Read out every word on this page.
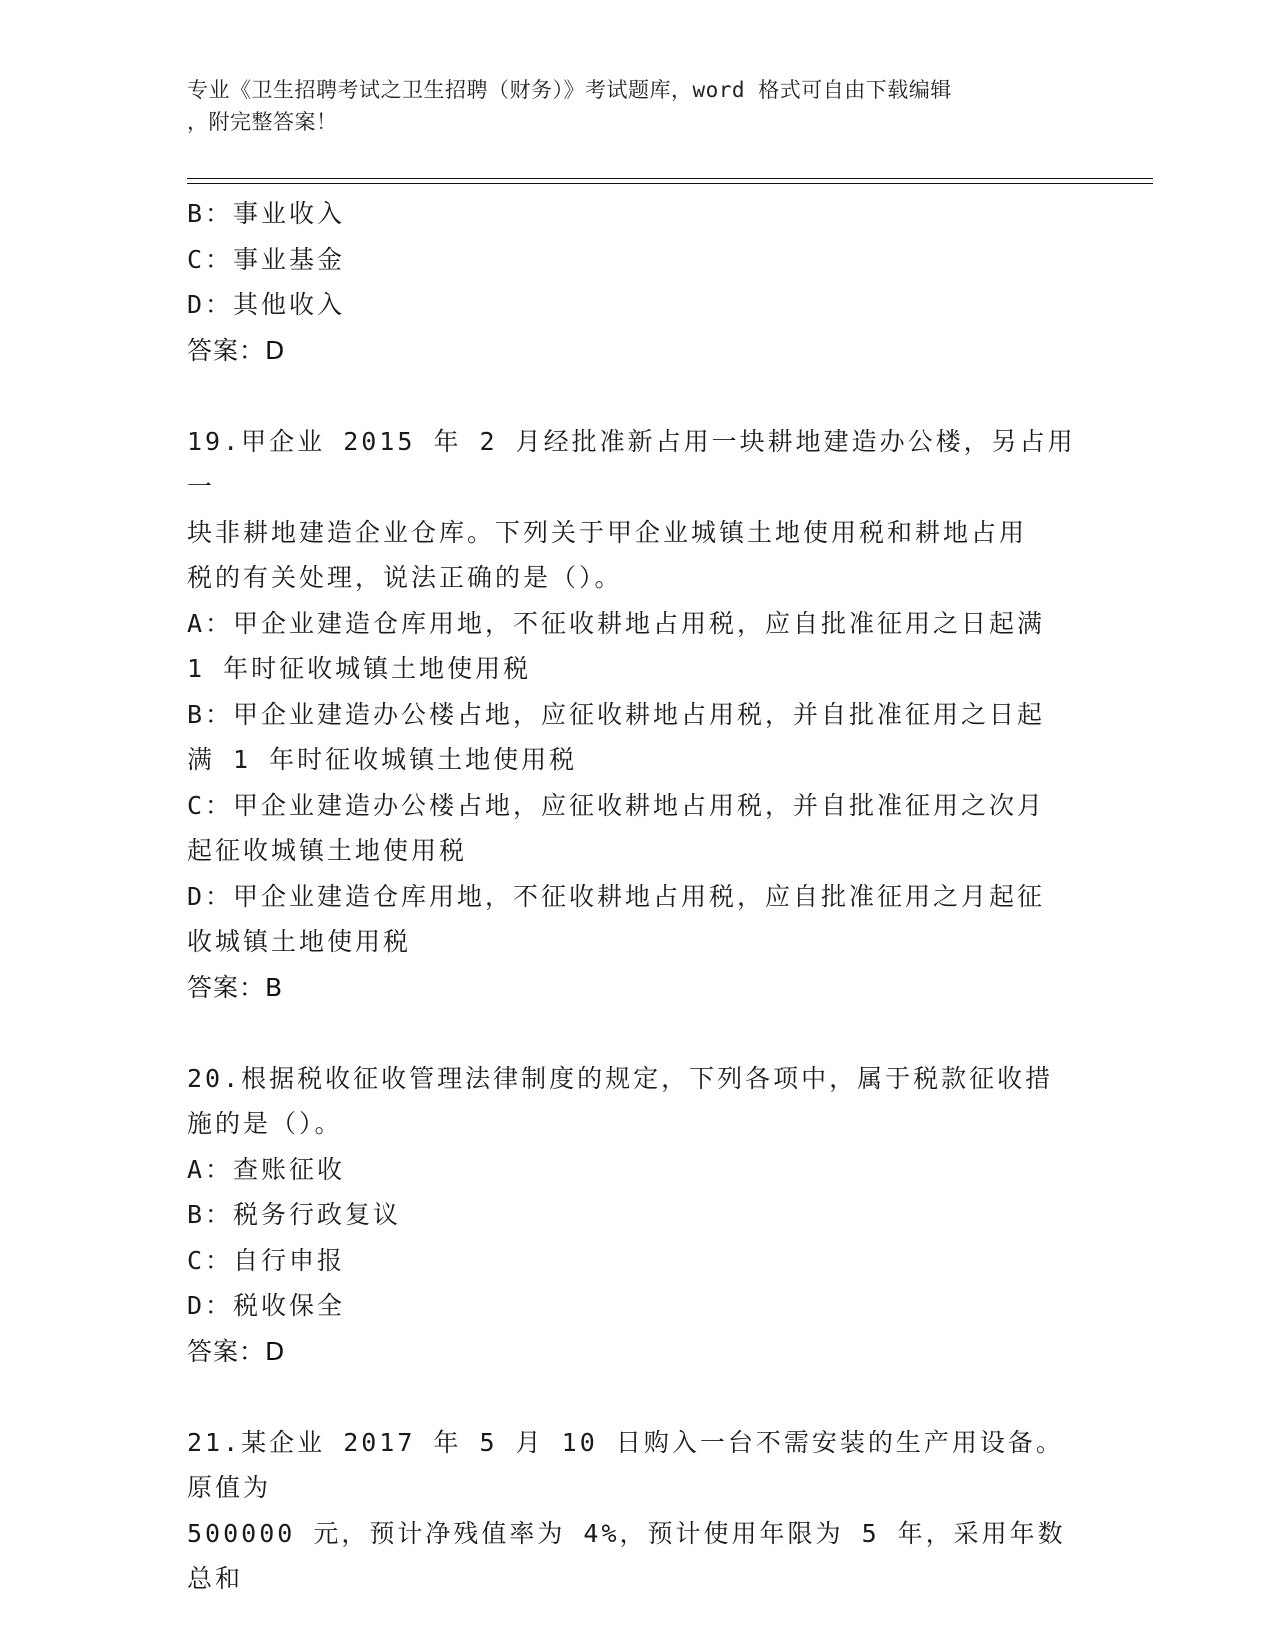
专业《卫生招聘考试之卫生招聘（财务）》考试题库，word 格式可自由下载编辑
，附完整答案！

B：事业收入

C：事业基金

D：其他收入

答案：D

19.甲企业 2015 年 2 月经批准新占用一块耕地建造办公楼，另占用一

块非耕地建造企业仓库。下列关于甲企业城镇土地使用税和耕地占用

税的有关处理，说法正确的是（）。

A：甲企业建造仓库用地，不征收耕地占用税，应自批准征用之日起满

1 年时征收城镇土地使用税

B：甲企业建造办公楼占地，应征收耕地占用税，并自批准征用之日起

满 1 年时征收城镇土地使用税

C：甲企业建造办公楼占地，应征收耕地占用税，并自批准征用之次月

起征收城镇土地使用税

D：甲企业建造仓库用地，不征收耕地占用税，应自批准征用之月起征

收城镇土地使用税

答案：B

20.根据税收征收管理法律制度的规定，下列各项中，属于税款征收措

施的是（）。

A：查账征收

B：税务行政复议

C：自行申报

D：税收保全

答案：D

21.某企业 2017 年 5 月 10 日购入一台不需安装的生产用设备。原值为

500000 元，预计净残值率为 4%，预计使用年限为 5 年，采用年数总和
